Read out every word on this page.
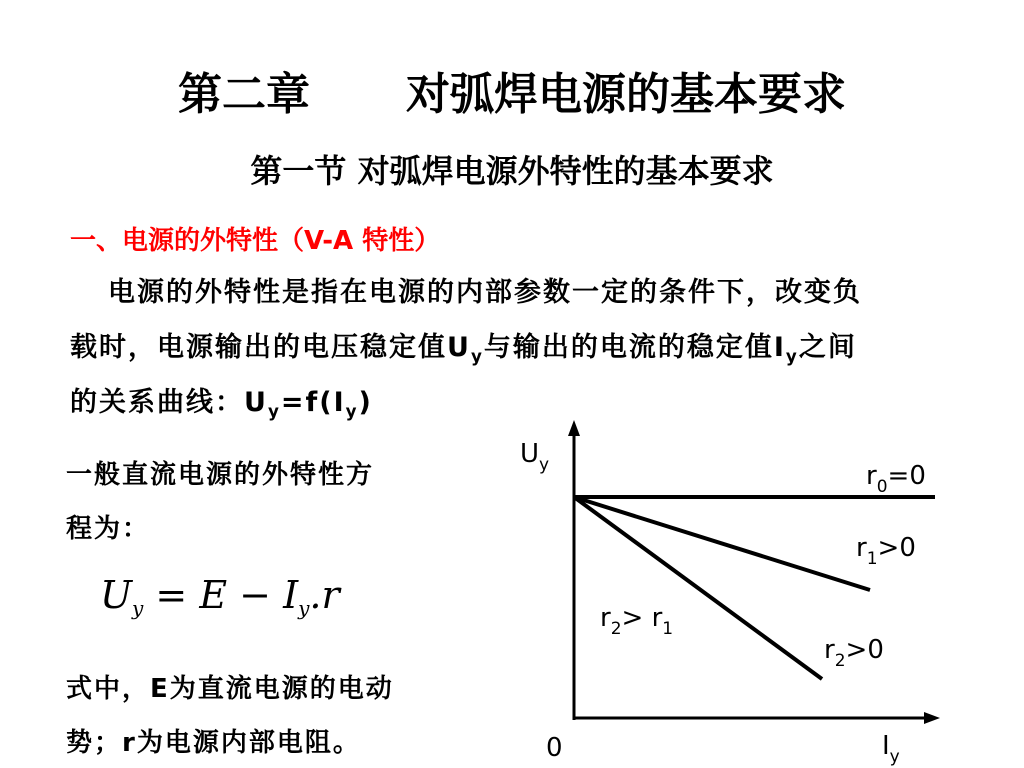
第二章 对弧焊电源的基本要求
第一节 对弧焊电源外特性的基本要求
一、电源的外特性（V-A 特性）
电源的外特性是指在电源的内部参数一定的条件下，改变负
载时，电源输出的电压稳定值$U_y$与输出的电流的稳定值$I_y$之间
的关系曲线：$U_y=f(I_y)$
一般直流电源的外特性方
程为：
$U_y = E - I_y.r$
式中，E为直流电源的电动
势；r为电源内部电阻。
$U_y$
$I_y$
0
$r_0=0$
$r_1>0$
$r_2>0$
$r_2> r_1$
